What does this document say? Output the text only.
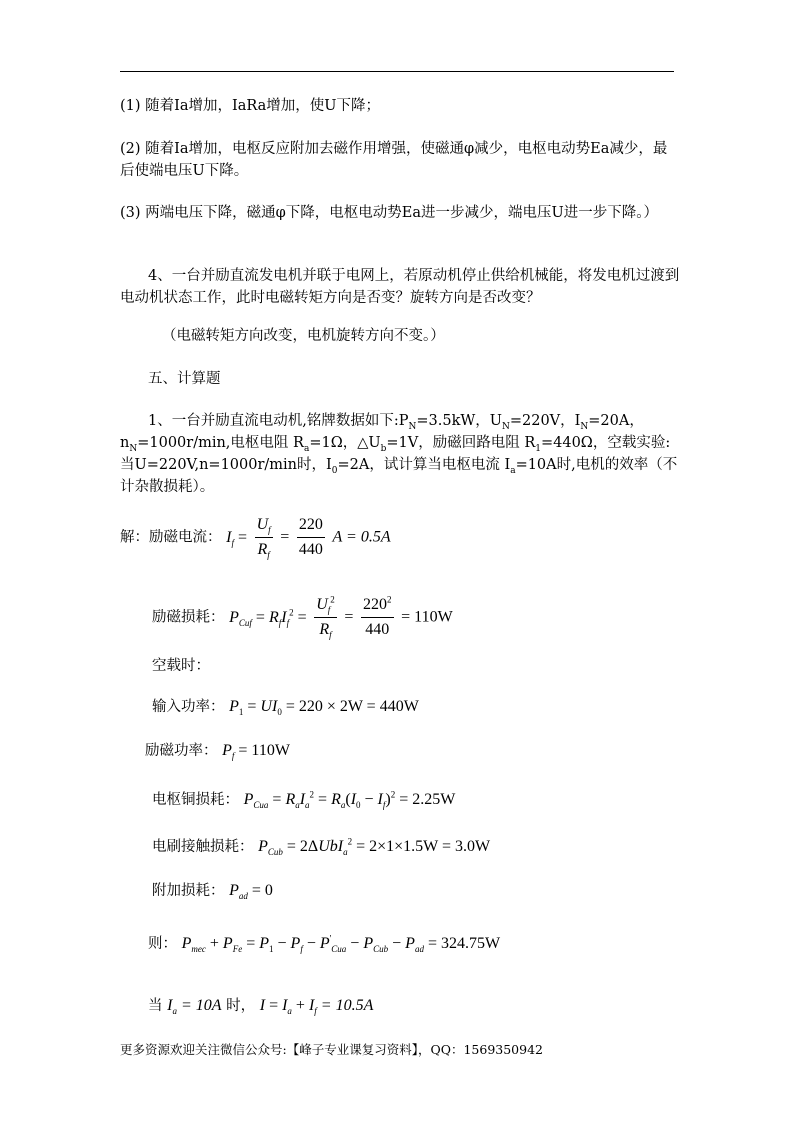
(1) 随着Ia增加，IaRa增加，使U下降；
(2) 随着Ia增加，电枢反应附加去磁作用增强，使磁通φ减少，电枢电动势Ea减少，最后使端电压U下降。
(3) 两端电压下降，磁通φ下降，电枢电动势Ea进一步减少，端电压U进一步下降。）
4、一台并励直流发电机并联于电网上，若原动机停止供给机械能，将发电机过渡到电动机状态工作，此时电磁转矩方向是否变？旋转方向是否改变？
（电磁转矩方向改变，电机旋转方向不变。）
五、计算题
1、一台并励直流电动机,铭牌数据如下$:P_N=3.5kW$，$U_N=220V$，$I_N=20A$，
$n_N=1000r/\min$,电枢电阻 $R_a=1\Omega$，$\triangle U_b=1V$，励磁回路电阻 $R_1=440\Omega$，空载实验:
当U=220V,n=1000r/min时，$I_0=2A$，试计算当电枢电流 $I_a=10A$时,电机的效率（不
计杂散损耗）。
解：励磁电流： $I_f = \frac{U_f}{R_f} = \frac{220}{440}$ A = 0.5A
励磁损耗： $P_{Cuf} = R_fI_f^2 = \frac{U_f^2}{R_f} = \frac{220^2}{440} = 110W$
空载时：
输入功率： $P_1 = UI_0 = 220 \times 2W = 440W$
励磁功率： $P_f = 110W$
电枢铜损耗： $P_{Cua} = R_aI_a^2 = R_a(I_0 - I_f)^2 = 2.25W$
电刷接触损耗： $P_{Cub} = 2\Delta UbI_a^2 = 2\times 1\times 1.5W = 3.0W$
附加损耗： $P_{ad} = 0$
则： $P_{mec} + P_{Fe} = P_1 - P_f - P'_{Cua} - P_{Cub} - P_{ad} = 324.75W$
当 $I_a = 10A$ 时， $I = I_a + I_f = 10.5A$
更多资源欢迎关注微信公众号:【峰子专业课复习资料】，QQ：1569350942
